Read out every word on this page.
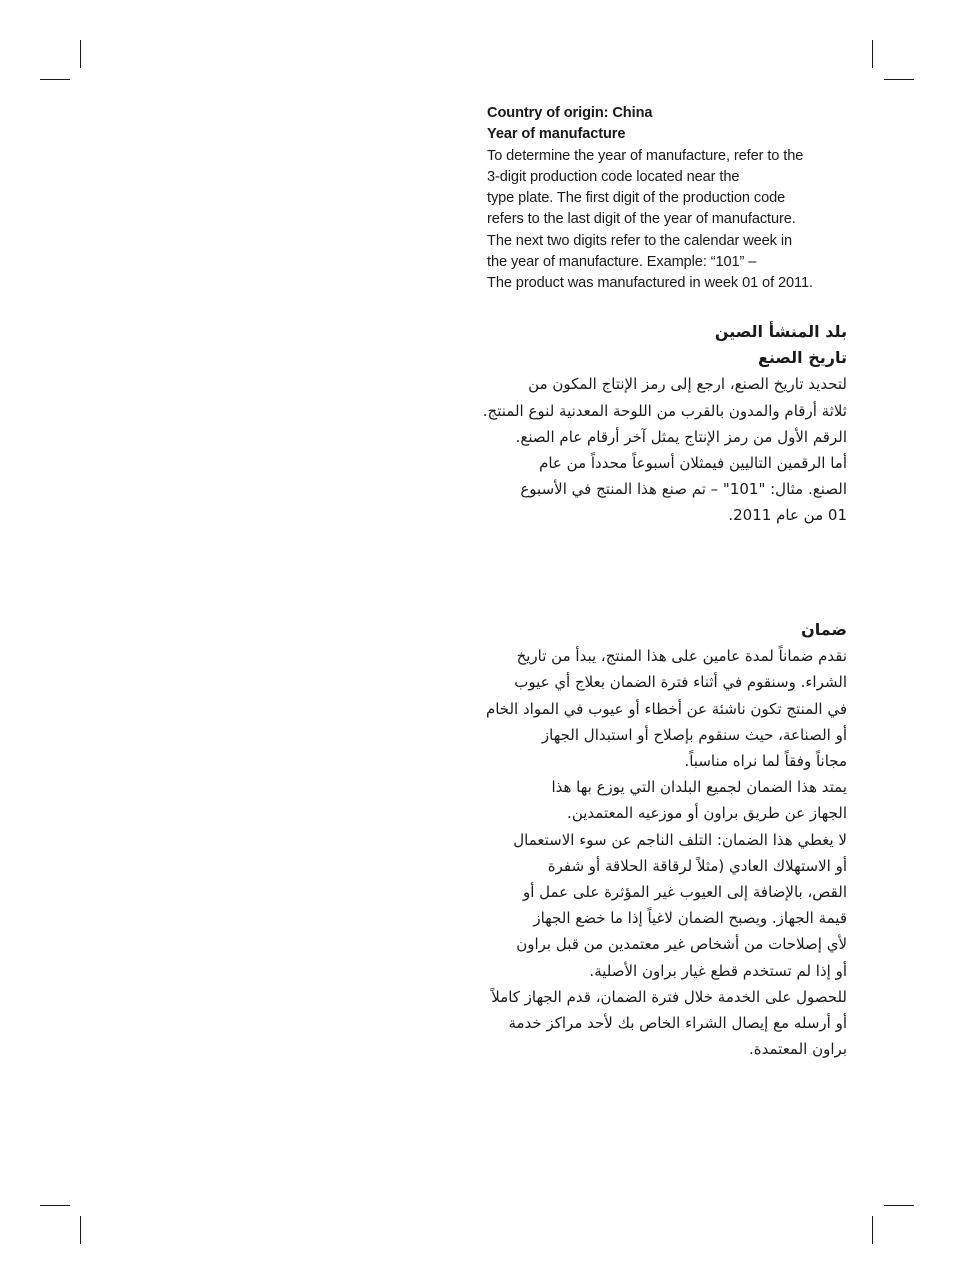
Country of origin: China
Year of manufacture
To determine the year of manufacture, refer to the
3-digit production code located near the
type plate. The first digit of the production code
refers to the last digit of the year of manufacture.
The next two digits refer to the calendar week in
the year of manufacture. Example: “101” –
The product was manufactured in week 01 of 2011.
بلد المنشأ الصين
تاريخ الصنع
لتحديد تاريخ الصنع، ارجع إلى رمز الإنتاج المكون من
ثلاثة أرقام والمدون بالقرب من اللوحة المعدنية لنوع المنتج.
الرقم الأول من رمز الإنتاج يمثل آخر أرقام عام الصنع.
أما الرقمين التاليين فيمثلان أسبوعاً محدداً من عام
الصنع. مثال: "101" – تم صنع هذا المنتج في الأسبوع
01 من عام 2011.
ضمان
نقدم ضماناً لمدة عامين على هذا المنتج، يبدأ من تاريخ
الشراء. وسنقوم في أثناء فترة الضمان بعلاج أي عيوب
في المنتج تكون ناشئة عن أخطاء أو عيوب في المواد الخام
أو الصناعة، حيث سنقوم بإصلاح أو استبدال الجهاز
مجاناً وفقاً لما نراه مناسباً.
يمتد هذا الضمان لجميع البلدان التي يوزع بها هذا
الجهاز عن طريق براون أو موزعيه المعتمدين.
لا يغطي هذا الضمان: التلف الناجم عن سوء الاستعمال
أو الاستهلاك العادي (مثلاً لرقاقة الحلاقة أو شفرة
القص، بالإضافة إلى العيوب غير المؤثرة على عمل أو
قيمة الجهاز. ويصبح الضمان لاغياً إذا ما خضع الجهاز
لأي إصلاحات من أشخاص غير معتمدين من قبل براون
أو إذا لم تستخدم قطع غيار براون الأصلية.
للحصول على الخدمة خلال فترة الضمان، قدم الجهاز كاملاً
أو أرسله مع إيصال الشراء الخاص بك لأحد مراكز خدمة
براون المعتمدة.
